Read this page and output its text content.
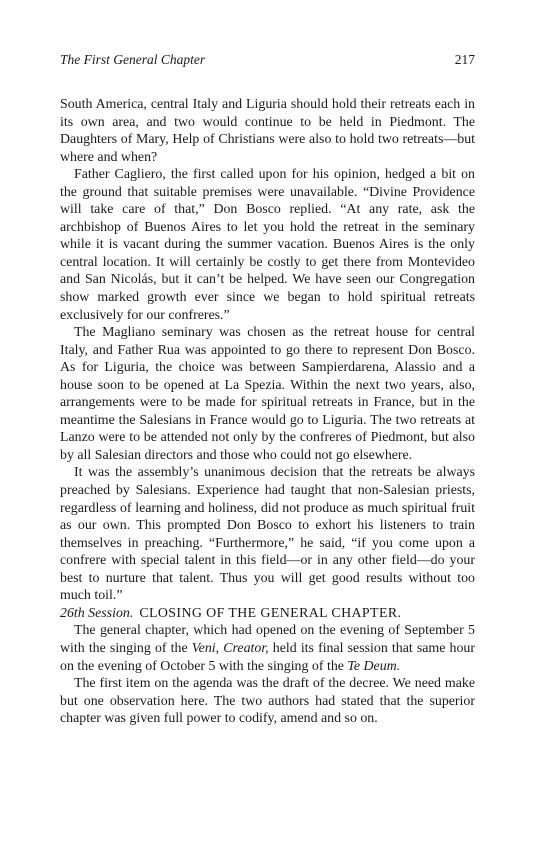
The First General Chapter	217

South America, central Italy and Liguria should hold their retreats each in its own area, and two would continue to be held in Piedmont. The Daughters of Mary, Help of Christians were also to hold two retreats—but where and when?

Father Cagliero, the first called upon for his opinion, hedged a bit on the ground that suitable premises were unavailable. “Divine Providence will take care of that,” Don Bosco replied. “At any rate, ask the archbishop of Buenos Aires to let you hold the retreat in the seminary while it is vacant during the summer vacation. Buenos Aires is the only central location. It will certainly be costly to get there from Montevideo and San Nicolás, but it can’t be helped. We have seen our Congregation show marked growth ever since we began to hold spiritual retreats exclusively for our confreres.”

The Magliano seminary was chosen as the retreat house for central Italy, and Father Rua was appointed to go there to represent Don Bosco. As for Liguria, the choice was between Sampierdarena, Alassio and a house soon to be opened at La Spezia. Within the next two years, also, arrangements were to be made for spiritual retreats in France, but in the meantime the Salesians in France would go to Liguria. The two retreats at Lanzo were to be attended not only by the confreres of Piedmont, but also by all Salesian directors and those who could not go elsewhere.

It was the assembly’s unanimous decision that the retreats be always preached by Salesians. Experience had taught that non-Salesian priests, regardless of learning and holiness, did not produce as much spiritual fruit as our own. This prompted Don Bosco to exhort his listeners to train themselves in preaching. “Furthermore,” he said, “if you come upon a confrere with special talent in this field—or in any other field—do your best to nurture that talent. Thus you will get good results without too much toil.”

26th Session. CLOSING OF THE GENERAL CHAPTER.

The general chapter, which had opened on the evening of September 5 with the singing of the Veni, Creator, held its final session that same hour on the evening of October 5 with the singing of the Te Deum.

The first item on the agenda was the draft of the decree. We need make but one observation here. The two authors had stated that the superior chapter was given full power to codify, amend and so on.
